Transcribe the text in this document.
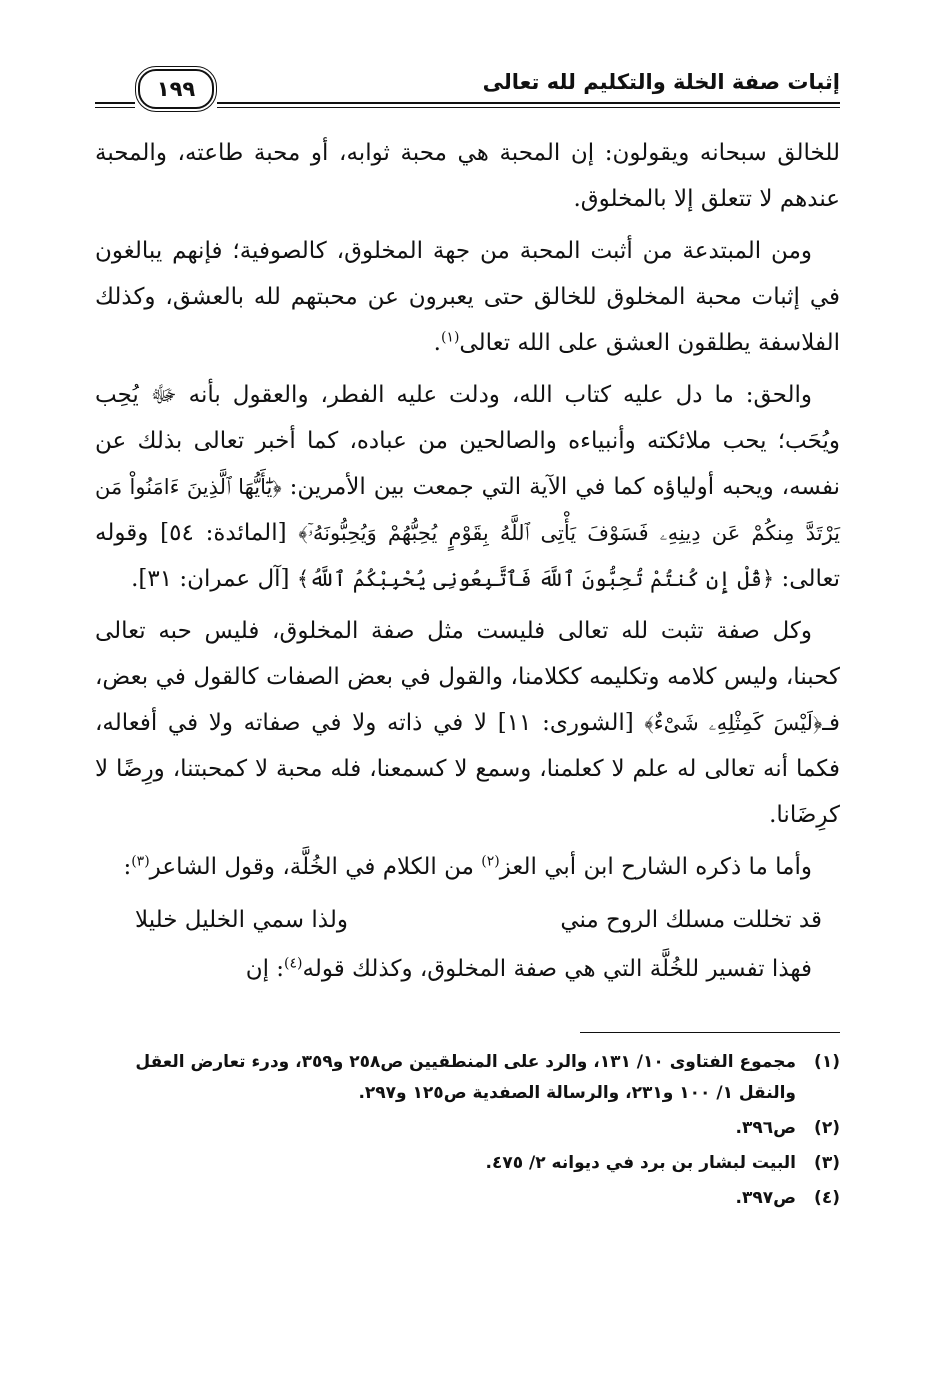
إثبات صفة الخلة والتكليم لله تعالى
١٩٩

للخالق سبحانه ويقولون: إن المحبة هي محبة ثوابه، أو محبة طاعته، والمحبة عندهم لا تتعلق إلا بالمخلوق.

ومن المبتدعة من أثبت المحبة من جهة المخلوق، كالصوفية؛ فإنهم يبالغون في إثبات محبة المخلوق للخالق حتى يعبرون عن محبتهم لله بالعشق، وكذلك الفلاسفة يطلقون العشق على الله تعالى$^{(١)}$.

والحق: ما دل عليه كتاب الله، ودلت عليه الفطر، والعقول بأنه ﷻ يُحِب ويُحَب؛ يحب ملائكته وأنبياءه والصالحين من عباده، كما أخبر تعالى بذلك عن نفسه، ويحبه أولياؤه كما في الآية التي جمعت بين الأمرين: ﴿يَٰٓأَيُّهَا ٱلَّذِينَ ءَامَنُواْ مَن يَرْتَدَّ مِنكُمْ عَن دِينِهِۦ فَسَوْفَ يَأْتِى ٱللَّهُ بِقَوْمٍ يُحِبُّهُمْ وَيُحِبُّونَهُۥٓ﴾ [المائدة: ٥٤] وقوله تعالى: ﴿قُلْ إِن كُنتُمْ تُحِبُّونَ ٱللَّهَ فَٱتَّبِعُونِى يُحْبِبْكُمُ ٱللَّهُ﴾ [آل عمران: ٣١].

وكل صفة تثبت لله تعالى فليست مثل صفة المخلوق، فليس حبه تعالى كحبنا، وليس كلامه وتكليمه ككلامنا، والقول في بعض الصفات كالقول في بعض، فـ﴿لَيْسَ كَمِثْلِهِۦ شَىْءٌ﴾ [الشورى: ١١] لا في ذاته ولا في صفاته ولا في أفعاله، فكما أنه تعالى له علم لا كعلمنا، وسمع لا كسمعنا، فله محبة لا كمحبتنا، ورِضًا لا كرِضَانا.

وأما ما ذكره الشارح ابن أبي العز$^{(٢)}$ من الكلام في الخُلَّة، وقول الشاعر$^{(٣)}$:

قد تخللت مسلك الروح مني
ولذا سمي الخليل خليلا

فهذا تفسير للخُلَّة التي هي صفة المخلوق، وكذلك قوله$^{(٤)}$: إن

(١)
مجموع الفتاوى ١٠/ ١٣١، والرد على المنطقيين ص٢٥٨ و٣٥٩، ودرء تعارض العقل والنقل ١/ ١٠٠ و٢٣١، والرسالة الصفدية ص١٢٥ و٢٩٧.
(٢)
ص٣٩٦.
(٣)
البيت لبشار بن برد في ديوانه ٢/ ٤٧٥.
(٤)
ص٣٩٧.
